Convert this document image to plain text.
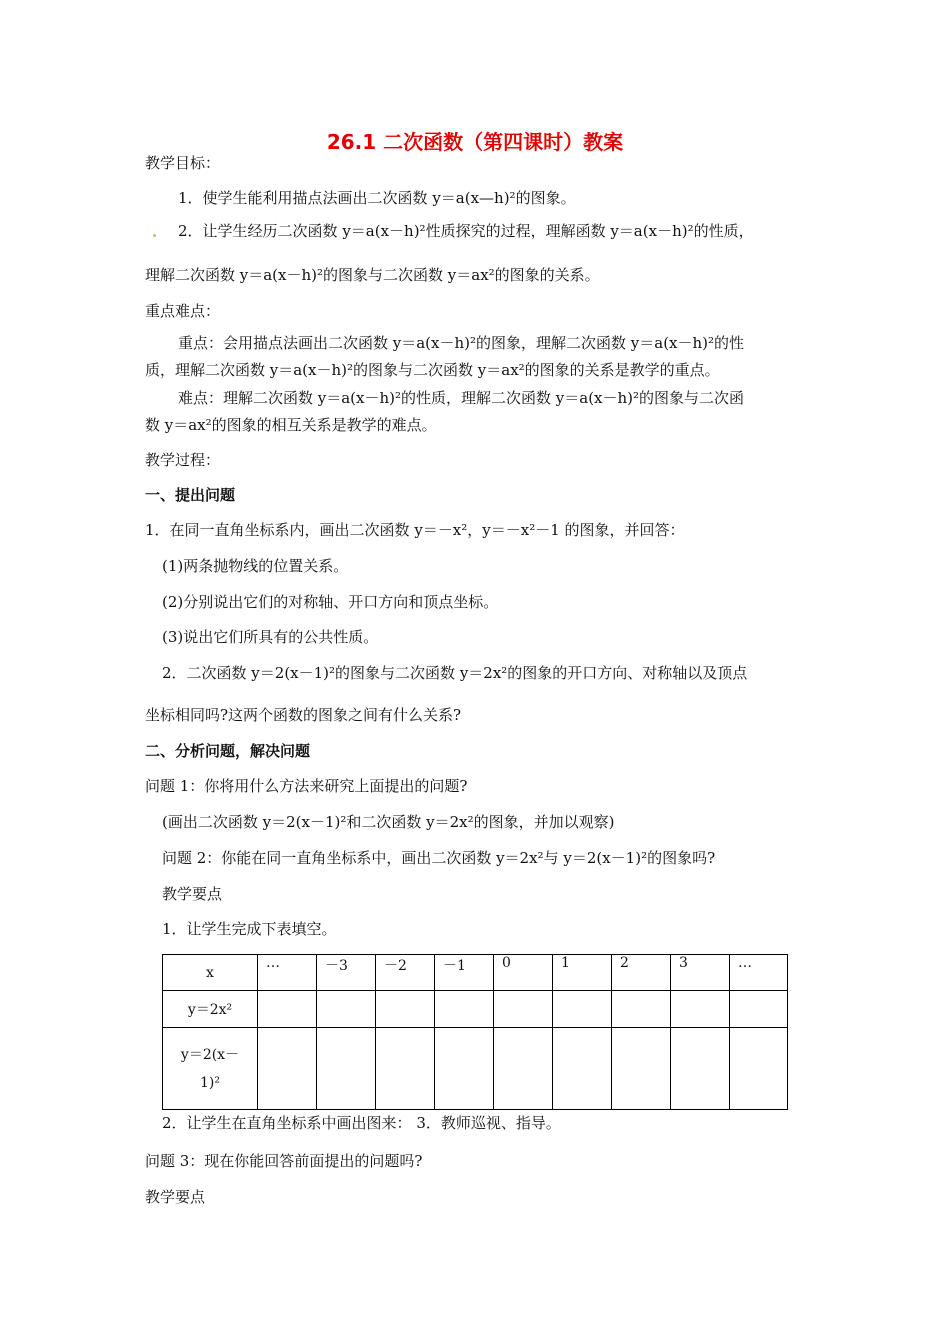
26.1 二次函数（第四课时）教案
教学目标：
1．使学生能利用描点法画出二次函数 y＝a(x—h)²的图象。
2．让学生经历二次函数 y＝a(x－h)²性质探究的过程，理解函数 y＝a(x－h)²的性质，
理解二次函数 y＝a(x－h)²的图象与二次函数 y＝ax²的图象的关系。
重点难点：
重点：会用描点法画出二次函数 y＝a(x－h)²的图象，理解二次函数 y＝a(x－h)²的性
质，理解二次函数 y＝a(x－h)²的图象与二次函数 y＝ax²的图象的关系是教学的重点。
难点：理解二次函数 y＝a(x－h)²的性质，理解二次函数 y＝a(x－h)²的图象与二次函
数 y＝ax²的图象的相互关系是教学的难点。
教学过程：
一、提出问题
1．在同一直角坐标系内，画出二次函数 y＝－x²，y＝－x²－1 的图象，并回答：
(1)两条抛物线的位置关系。
(2)分别说出它们的对称轴、开口方向和顶点坐标。
(3)说出它们所具有的公共性质。
2．二次函数 y＝2(x－1)²的图象与二次函数 y＝2x²的图象的开口方向、对称轴以及顶点
坐标相同吗?这两个函数的图象之间有什么关系?
二、分析问题，解决问题
问题 1：你将用什么方法来研究上面提出的问题?
(画出二次函数 y＝2(x－1)²和二次函数 y＝2x²的图象，并加以观察)
问题 2：你能在同一直角坐标系中，画出二次函数 y＝2x²与 y＝2(x－1)²的图象吗?
教学要点
1．让学生完成下表填空。
x	…	－3	－2	－1	0	1	2	3	…
y＝2x²									

y＝2(x－
1)²									

2．让学生在直角坐标系中画出图来： 3．教师巡视、指导。
问题 3：现在你能回答前面提出的问题吗?
教学要点
